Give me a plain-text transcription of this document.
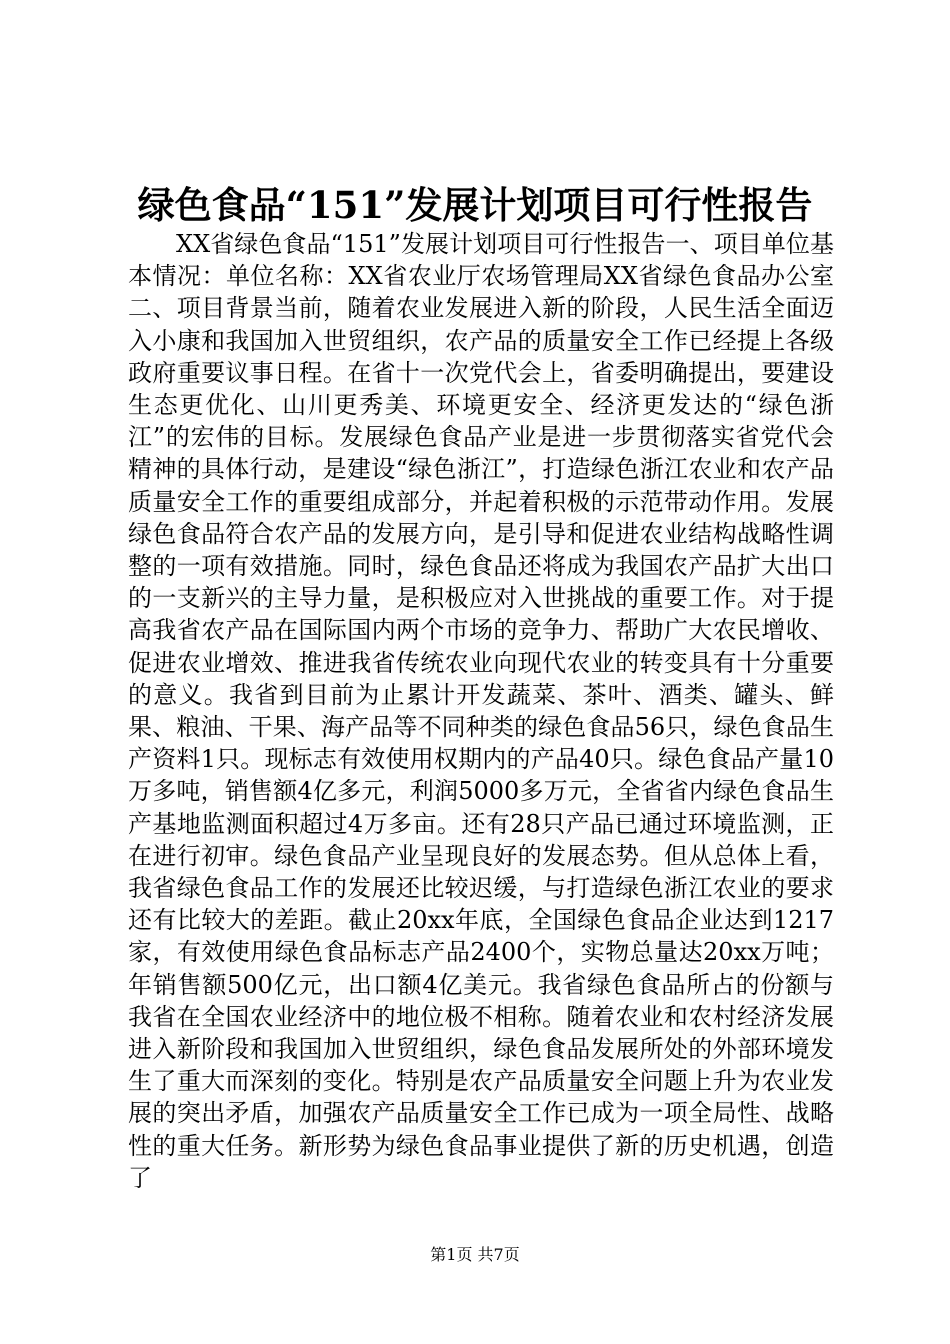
绿色食品“151”发展计划项目可行性报告

XX省绿色食品“151”发展计划项目可行性报告一、项目单位基本情况：单位名称：XX省农业厅农场管理局XX省绿色食品办公室二、项目背景当前，随着农业发展进入新的阶段，人民生活全面迈入小康和我国加入世贸组织，农产品的质量安全工作已经提上各级政府重要议事日程。在省十一次党代会上，省委明确提出，要建设生态更优化、山川更秀美、环境更安全、经济更发达的“绿色浙江”的宏伟的目标。发展绿色食品产业是进一步贯彻落实省党代会精神的具体行动，是建设“绿色浙江”，打造绿色浙江农业和农产品质量安全工作的重要组成部分，并起着积极的示范带动作用。发展绿色食品符合农产品的发展方向，是引导和促进农业结构战略性调整的一项有效措施。同时，绿色食品还将成为我国农产品扩大出口的一支新兴的主导力量，是积极应对入世挑战的重要工作。对于提高我省农产品在国际国内两个市场的竞争力、帮助广大农民增收、促进农业增效、推进我省传统农业向现代农业的转变具有十分重要的意义。我省到目前为止累计开发蔬菜、茶叶、酒类、罐头、鲜果、粮油、干果、海产品等不同种类的绿色食品56只，绿色食品生产资料1只。现标志有效使用权期内的产品40只。绿色食品产量10万多吨，销售额4亿多元，利润5000多万元，全省省内绿色食品生产基地监测面积超过4万多亩。还有28只产品已通过环境监测，正在进行初审。绿色食品产业呈现良好的发展态势。但从总体上看，我省绿色食品工作的发展还比较迟缓，与打造绿色浙江农业的要求还有比较大的差距。截止20xx年底，全国绿色食品企业达到1217家，有效使用绿色食品标志产品2400个，实物总量达20xx万吨；年销售额500亿元，出口额4亿美元。我省绿色食品所占的份额与我省在全国农业经济中的地位极不相称。随着农业和农村经济发展进入新阶段和我国加入世贸组织，绿色食品发展所处的外部环境发生了重大而深刻的变化。特别是农产品质量安全问题上升为农业发展的突出矛盾，加强农产品质量安全工作已成为一项全局性、战略性的重大任务。新形势为绿色食品事业提供了新的历史机遇，创造了

第1页 共7页
